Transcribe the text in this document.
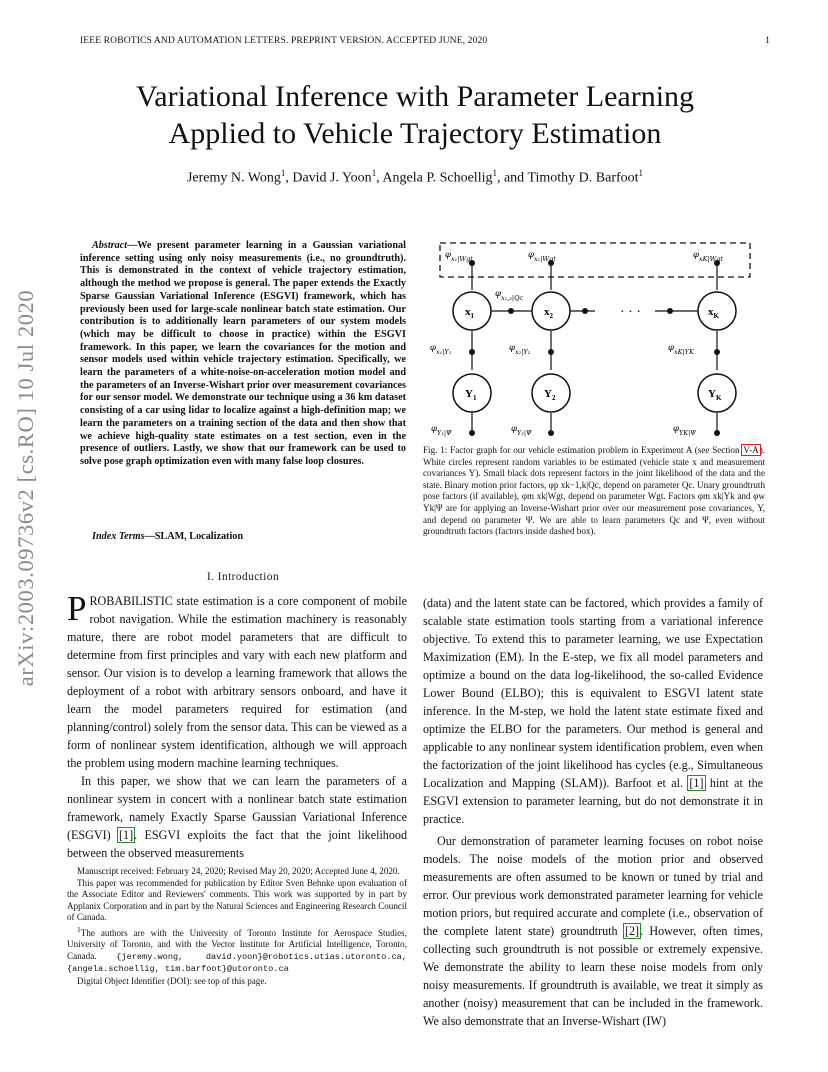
IEEE ROBOTICS AND AUTOMATION LETTERS. PREPRINT VERSION. ACCEPTED JUNE, 2020	1
arXiv:2003.09736v2 [cs.RO] 10 Jul 2020
Variational Inference with Parameter Learning
Applied to Vehicle Trajectory Estimation
Jeremy N. Wong$^1$, David J. Yoon$^1$, Angela P. Schoellig$^1$, and Timothy D. Barfoot$^1$
Abstract—We present parameter learning in a Gaussian variational inference setting using only noisy measurements (i.e., no groundtruth). This is demonstrated in the context of vehicle trajectory estimation, although the method we propose is general. The paper extends the Exactly Sparse Gaussian Variational Inference (ESGVI) framework, which has previously been used for large-scale nonlinear batch state estimation. Our contribution is to additionally learn parameters of our system models (which may be difficult to choose in practice) within the ESGVI framework. In this paper, we learn the covariances for the motion and sensor models used within vehicle trajectory estimation. Specifically, we learn the parameters of a white-noise-on-acceleration motion model and the parameters of an Inverse-Wishart prior over measurement covariances for our sensor model. We demonstrate our technique using a 36 km dataset consisting of a car using lidar to localize against a high-definition map; we learn the parameters on a training section of the data and then show that we achieve high-quality state estimates on a test section, even in the presence of outliers. Lastly, we show that our framework can be used to solve pose graph optimization even with many false loop closures.
Index Terms—SLAM, Localization
I. Introduction

PROBABILISTIC state estimation is a core component of mobile robot navigation. While the estimation machinery is reasonably mature, there are robot model parameters that are difficult to determine from first principles and vary with each new platform and sensor. Our vision is to develop a learning framework that allows the deployment of a robot with arbitrary sensors onboard, and have it learn the model parameters required for estimation (and planning/control) solely from the sensor data. This can be viewed as a form of nonlinear system identification, although we will approach the problem using modern machine learning techniques.

In this paper, we show that we can learn the parameters of a nonlinear system in concert with a nonlinear batch state estimation framework, namely Exactly Sparse Gaussian Variational Inference (ESGVI) [1]. ESGVI exploits the fact that the joint likelihood between the observed measurements

Manuscript received: February 24, 2020; Revised May 20, 2020; Accepted June 4, 2020.

This paper was recommended for publication by Editor Sven Behnke upon evaluation of the Associate Editor and Reviewers' comments. This work was supported by in part by Applanix Corporation and in part by the Natural Sciences and Engineering Research Council of Canada.

$^1$The authors are with the University of Toronto Institute for Aerospace Studies, University of Toronto, and with the Vector Institute for Artificial Intelligence, Toronto, Canada. {jeremy.wong, david.yoon}@robotics.utias.utoronto.ca, {angela.schoellig, tim.barfoot}@utoronto.ca

Digital Object Identifier (DOI): see top of this page.

$\varphi_{x_1|Wgt}$	$\varphi_{x_2|Wgt}$	$\varphi_{xK|Wgt}$
$\varphi_{x_1,_2|Qc}$
· · ·
$\varphi_{x_1|\Upsilon_1}$	$\varphi_{x_2|\Upsilon_2}$	$\varphi_{xK|\Upsilon K}$
$\varphi_{\Upsilon_1|\Psi}$	$\varphi_{\Upsilon_2|\Psi}$	$\varphi_{\Upsilon K|\Psi}$
$x_1$	$x_2$	$x_K$
$\Upsilon_1$	$\Upsilon_2$	$\Upsilon_K$
Fig. 1: Factor graph for our vehicle estimation problem in Experiment A (see Section V-A). White circles represent random variables to be estimated (vehicle state x and measurement covariances Υ). Small black dots represent factors in the joint likelihood of the data and the state. Binary motion prior factors, φp xk−1,k|Qc, depend on parameter Qc. Unary groundtruth pose factors (if available), φm xk|Wgt, depend on parameter Wgt. Factors φm xk|Υk and φw Υk|Ψ are for applying an Inverse-Wishart prior over our measurement pose covariances, Υ, and depend on parameter Ψ. We are able to learn parameters Qc and Ψ, even without groundtruth factors (factors inside dashed box).

(data) and the latent state can be factored, which provides a family of scalable state estimation tools starting from a variational inference objective. To extend this to parameter learning, we use Expectation Maximization (EM). In the E-step, we fix all model parameters and optimize a bound on the data log-likelihood, the so-called Evidence Lower Bound (ELBO); this is equivalent to ESGVI latent state inference. In the M-step, we hold the latent state estimate fixed and optimize the ELBO for the parameters. Our method is general and applicable to any nonlinear system identification problem, even when the factorization of the joint likelihood has cycles (e.g., Simultaneous Localization and Mapping (SLAM)). Barfoot et al. [1] hint at the ESGVI extension to parameter learning, but do not demonstrate it in practice.

Our demonstration of parameter learning focuses on robot noise models. The noise models of the motion prior and observed measurements are often assumed to be known or tuned by trial and error. Our previous work demonstrated parameter learning for vehicle motion priors, but required accurate and complete (i.e., observation of the complete latent state) groundtruth [2]. However, often times, collecting such groundtruth is not possible or extremely expensive. We demonstrate the ability to learn these noise models from only noisy measurements. If groundtruth is available, we treat it simply as another (noisy) measurement that can be included in the framework. We also demonstrate that an Inverse-Wishart (IW)
